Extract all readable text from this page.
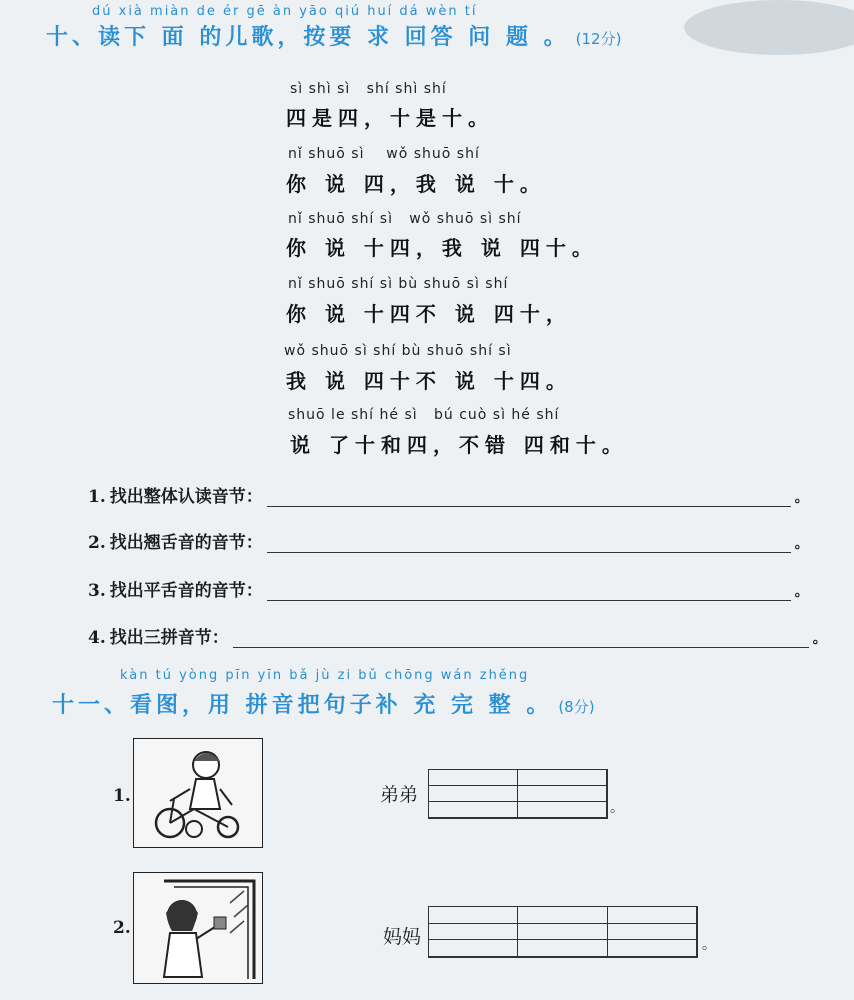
dú xià miàn de ér gē àn yāo qiú huí dá wèn tí
十、读下 面 的儿歌，按要 求 回答 问 题 。 (12分)
sì shì sì   shí shì shí
四是四，十是十。
nǐ shuō sì    wǒ shuō shí
你 说 四，我 说 十。
nǐ shuō shí sì   wǒ shuō sì shí
你 说 十四，我 说 四十。
nǐ shuō shí sì bù shuō sì shí
你 说 十四不 说 四十，
wǒ shuō sì shí bù shuō shí sì
我 说 四十不 说 十四。
shuō le shí hé sì   bú cuò sì hé shí
说 了十和四，不错 四和十。
1. 找出整体认读音节：	。
2. 找出翘舌音的音节：	。
3. 找出平舌音的音节：	。
4. 找出三拼音节：	。
kàn tú yòng pīn yīn bǎ jù zi bǔ chōng wán zhěng
十一、看图，用 拼音把句子补 充 完 整 。 (8分)
1.	弟弟
。
2.	妈妈	。
